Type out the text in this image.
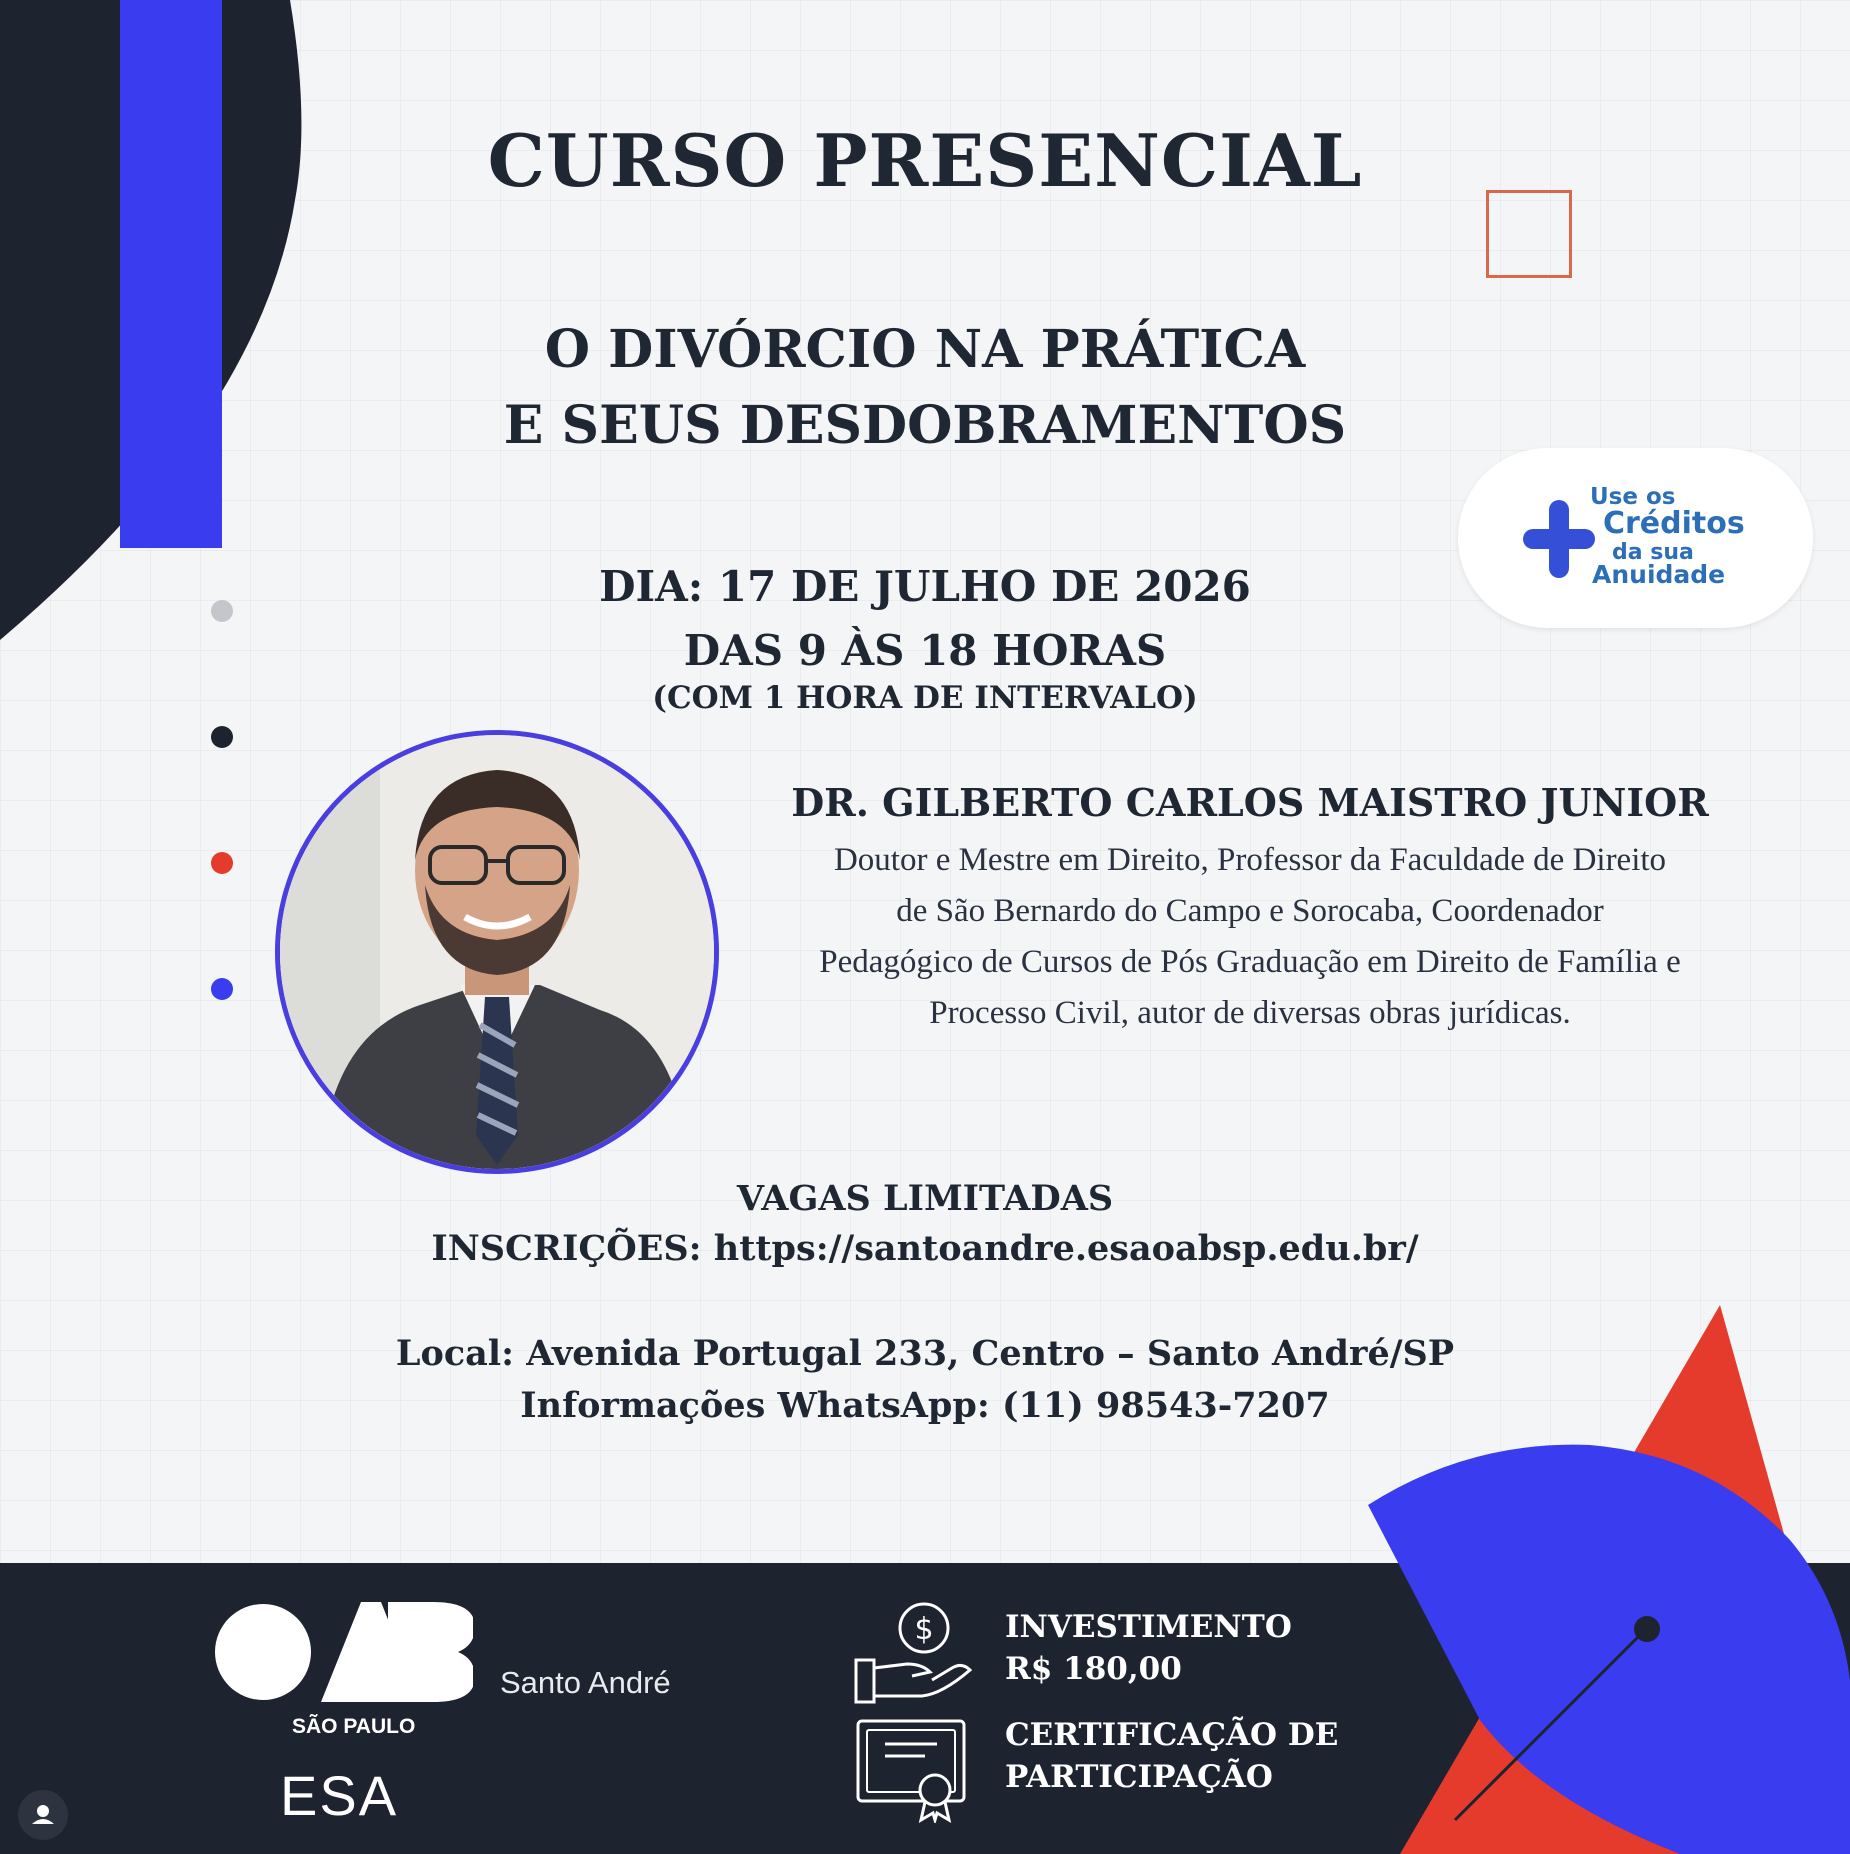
CURSO PRESENCIAL
O DIVÓRCIO NA PRÁTICA
E SEUS DESDOBRAMENTOS
Use os
Créditos
da sua
Anuidade
DIA: 17 DE JULHO DE 2026
DAS 9 ÀS 18 HORAS
(COM 1 HORA DE INTERVALO)
DR. GILBERTO CARLOS MAISTRO JUNIOR
Doutor e Mestre em Direito, Professor da Faculdade de Direito
de São Bernardo do Campo e Sorocaba, Coordenador
Pedagógico de Cursos de Pós Graduação em Direito de Família e
Processo Civil, autor de diversas obras jurídicas.
VAGAS LIMITADAS
INSCRIÇÕES: https://santoandre.esaoabsp.edu.br/
Local: Avenida Portugal 233, Centro – Santo André/SP
Informações WhatsApp: (11) 98543-7207
SÃO PAULO
ESA
Santo André
$ INVESTIMENTO
R$ 180,00
CERTIFICAÇÃO DE
PARTICIPAÇÃO
